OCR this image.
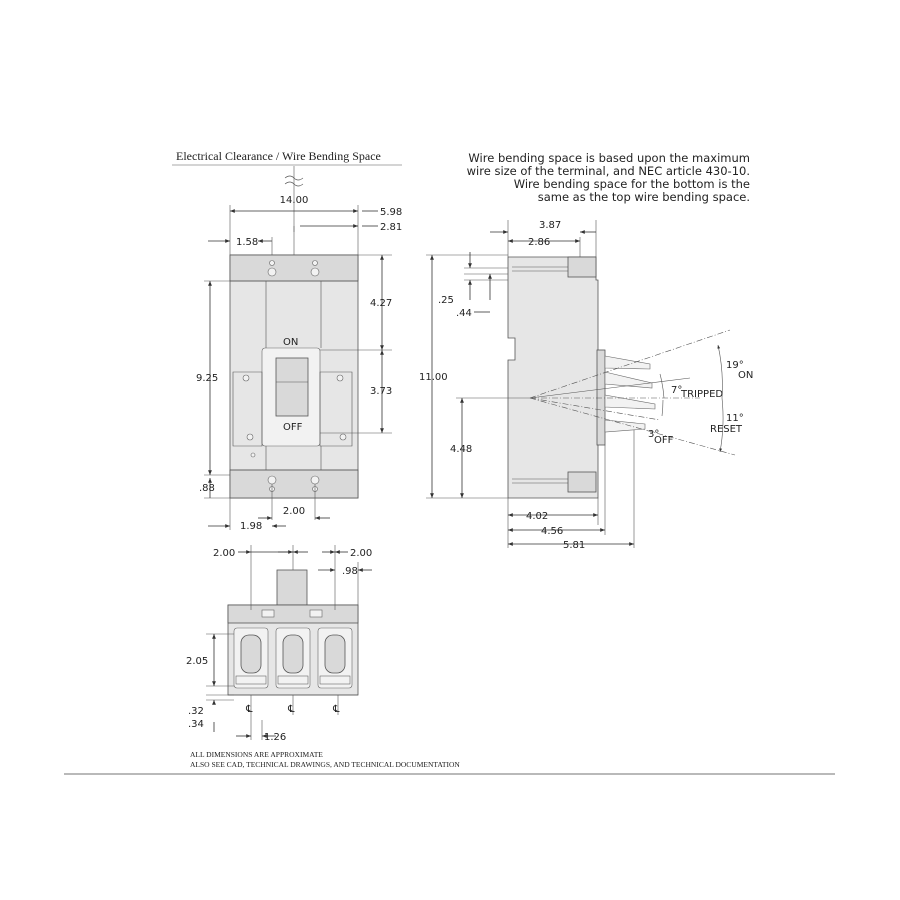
Electrical Clearance / Wire Bending Space	Wire bending space is based upon the maximum
wire size of the terminal, and NEC article 430-10.
Wire bending space for the bottom is the
same as the top wire bending space.
ON
OFF
14.00
5.98
2.81
1.58
4.27
3.73
9.25
.88
2.00
1.98
19°
ON
7°
TRIPPED
11°
RESET
3°
OFF
3.87
2.86
.25
.44
11.00
4.48
4.02
4.56
5.81
2.00	2.00
.98
2.05
.32
.34
1.26
℄	℄	℄
ALL DIMENSIONS ARE APPROXIMATE
ALSO SEE CAD, TECHNICAL DRAWINGS, AND TECHNICAL DOCUMENTATION
